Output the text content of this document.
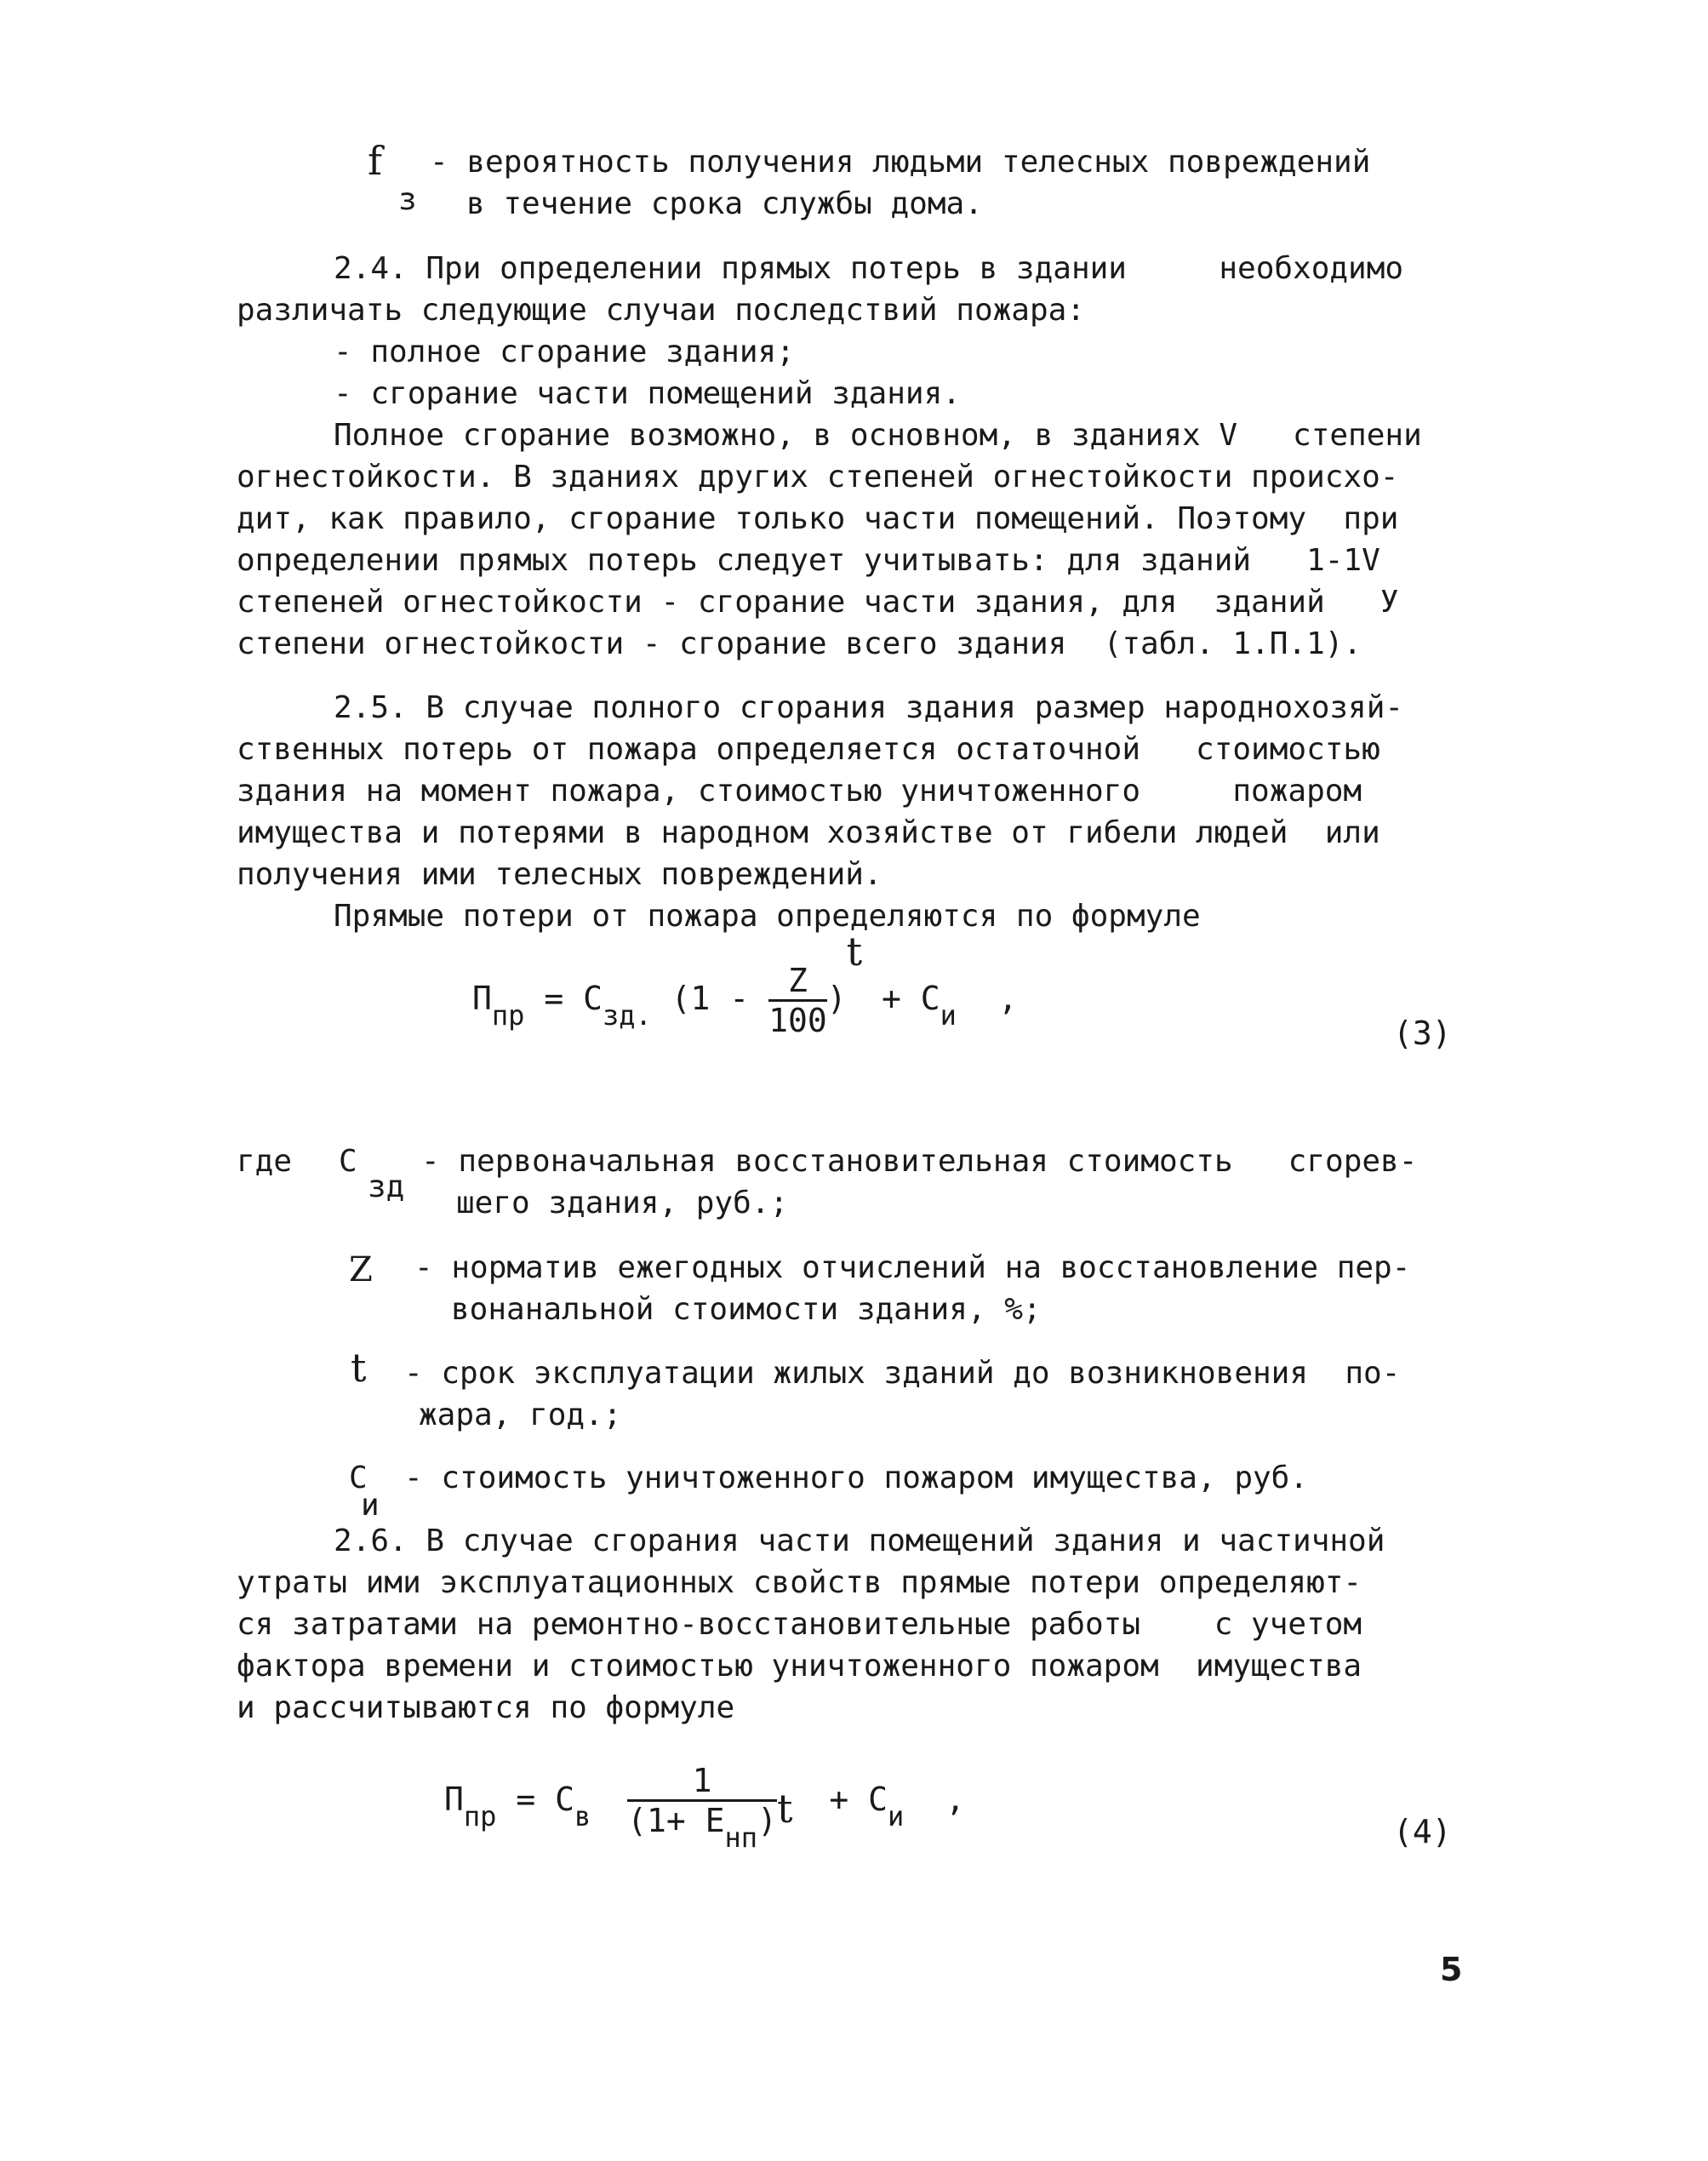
f
з
- вероятность получения людьми телесных повреждений
в течение срока службы дома.
2.4. При определении прямых потерь в здании     необходимо
различать следующие случаи последствий пожара:
- полное сгорание здания;
- сгорание части помещений здания.
Полное сгорание возможно, в основном, в зданиях V   степени
огнестойкости. В зданиях других степеней огнестойкости происхо-
дит, как правило, сгорание только части помещений. Поэтому  при
определении прямых потерь следует учитывать: для зданий   1-1V
степеней огнестойкости - сгорание части здания, для  зданий   У
степени огнестойкости - сгорание всего здания  (табл. 1.П.1).
2.5. В случае полного сгорания здания размер народнохозяй-
ственных потерь от пожара определяется остаточной   стоимостью
здания на момент пожара, стоимостью уничтоженного     пожаром
имущества и потерями в народном хозяйстве от гибели людей  или
получения ими телесных повреждений.
Прямые потери от пожара определяются по формуле
$П_{пр} = С_{зд.}$ $(1 - \frac{Z}{100} )t + С_и$ ,
(3)
где С
зд
- первоначальная восстановительная стоимость   сгорев-
шего здания, руб.;
Z - норматив ежегодных отчислений на восстановление пер-
вонанальной стоимости здания, %;
t - срок эксплуатации жилых зданий до возникновения  по-
жара, год.;
С
и
- стоимость уничтоженного пожаром имущества, руб.
2.6. В случае сгорания части помещений здания и частичной
утраты ими эксплуатационных свойств прямые потери определяют-
ся затратами на ремонтно-восстановительные работы    с учетом
фактора времени и стоимостью уничтоженного пожаром  имущества
и рассчитываются по формуле
$П_{пр} = С_в \frac{1}{(1+ Е_{нп})}$ $t + С_и$ ,
(4)
5
